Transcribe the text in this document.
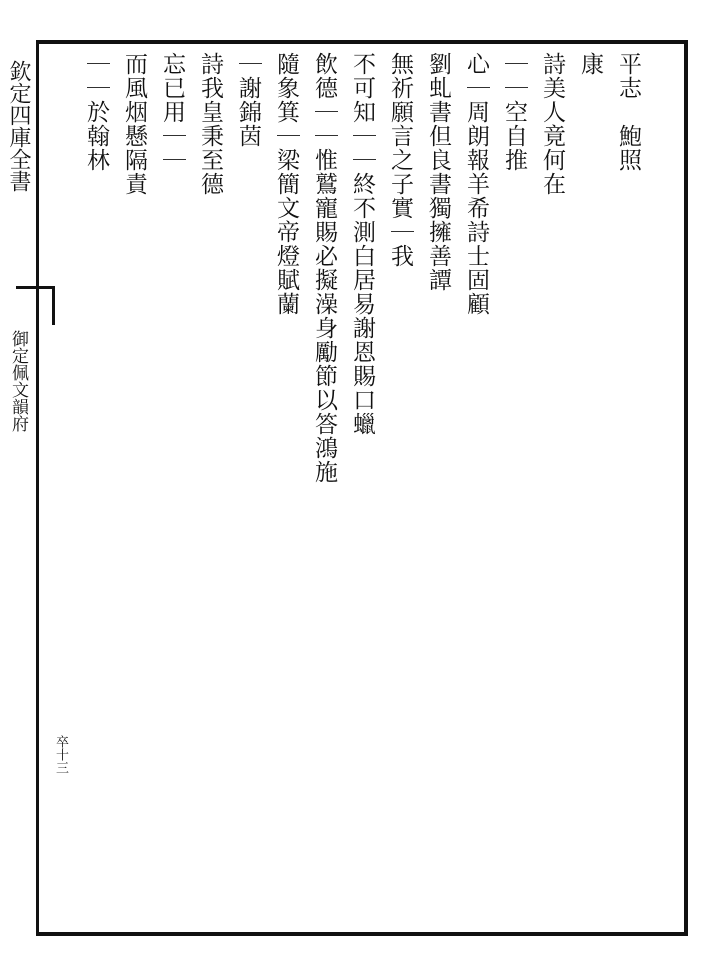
欽定四庫全書
御定佩文韻府
卒十三
平志　鮑照
康
詩美人竟何在
｜｜空自推
心｜周朗報羊希詩士固顧
劉虬書但良書獨擁善譚
無祈願言之子實｜我
不可知｜｜終不測白居易謝恩賜口蠟
飲德｜｜惟鷲寵賜必擬澡身勵節以答鴻施
隨象箕｜梁簡文帝燈賦蘭
｜謝錦茵
詩我皇秉至德
忘已用｜｜
而風烟懸隔責
｜｜於翰林
